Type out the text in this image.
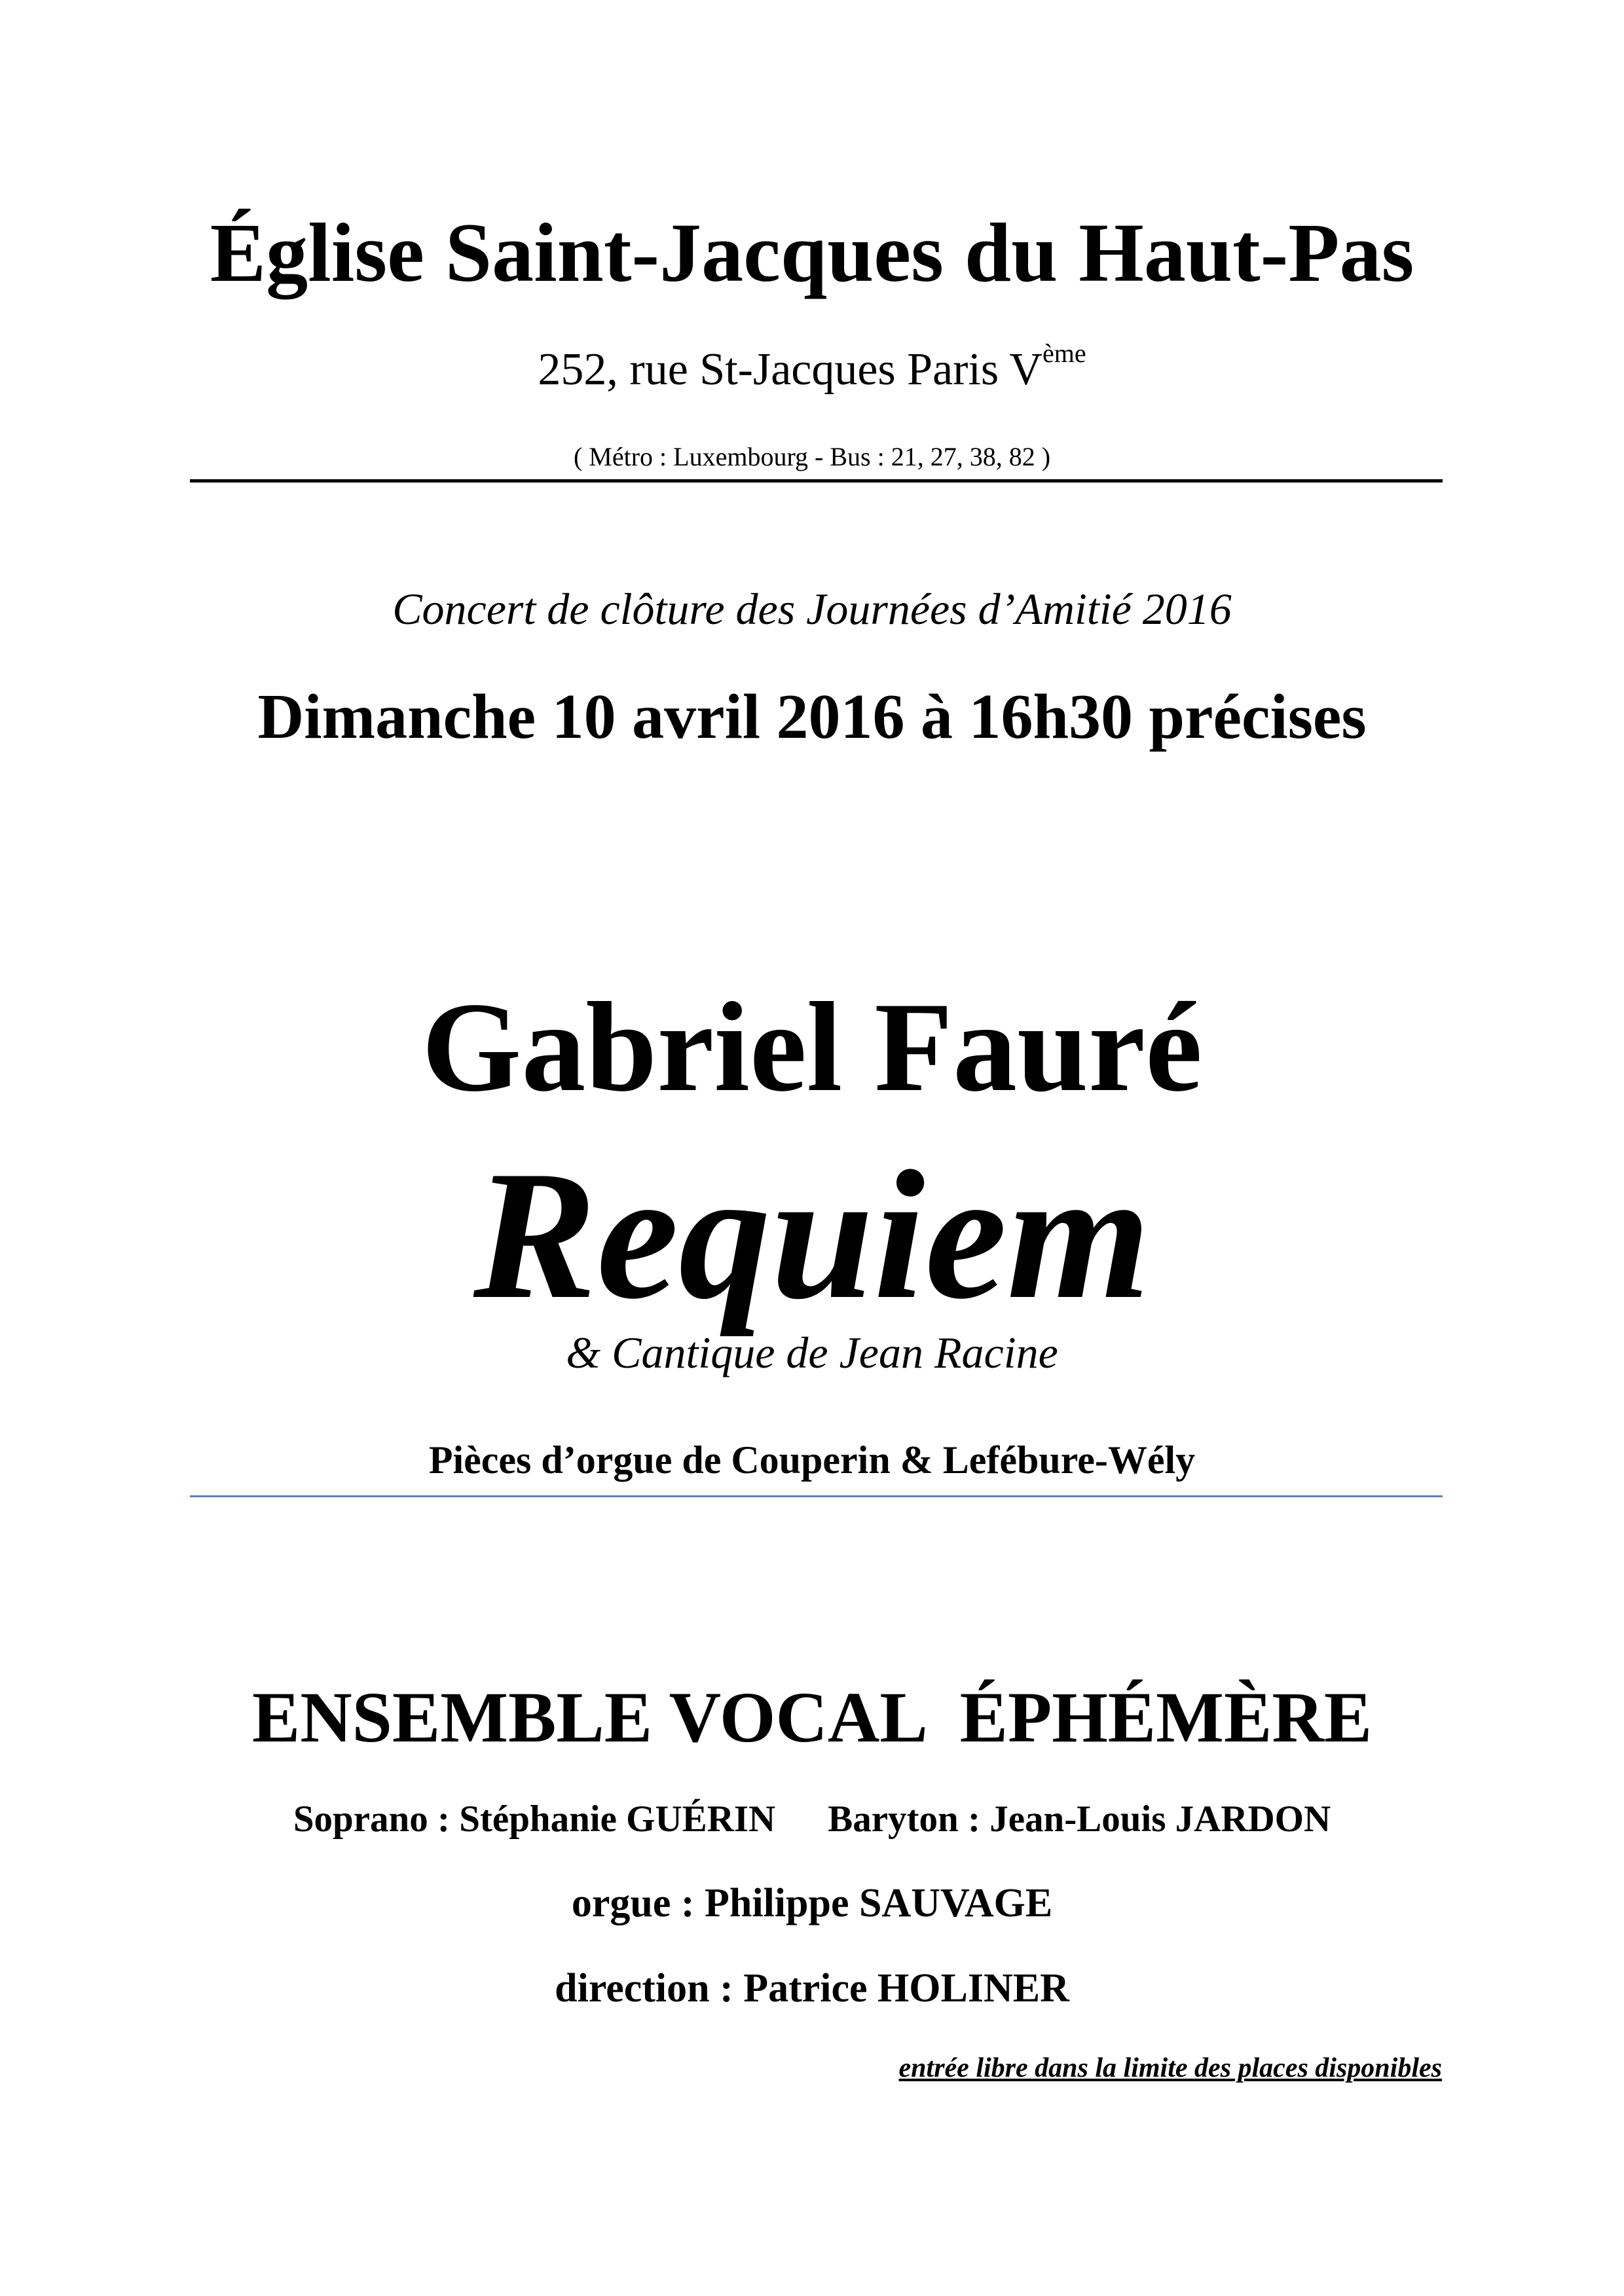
Église Saint-Jacques du Haut-Pas
252, rue St-Jacques Paris Vème
( Métro : Luxembourg - Bus : 21, 27, 38, 82 )
Concert de clôture des Journées d’Amitié 2016
Dimanche 10 avril 2016 à 16h30 précises
Gabriel Fauré
Requiem
& Cantique de Jean Racine
Pièces d’orgue de Couperin & Lefébure-Wély
ENSEMBLE VOCAL  ÉPHÉMÈRE
Soprano : Stéphanie GUÉRIN Baryton : Jean-Louis JARDON
orgue : Philippe SAUVAGE
direction : Patrice HOLINER
entrée libre dans la limite des places disponibles
